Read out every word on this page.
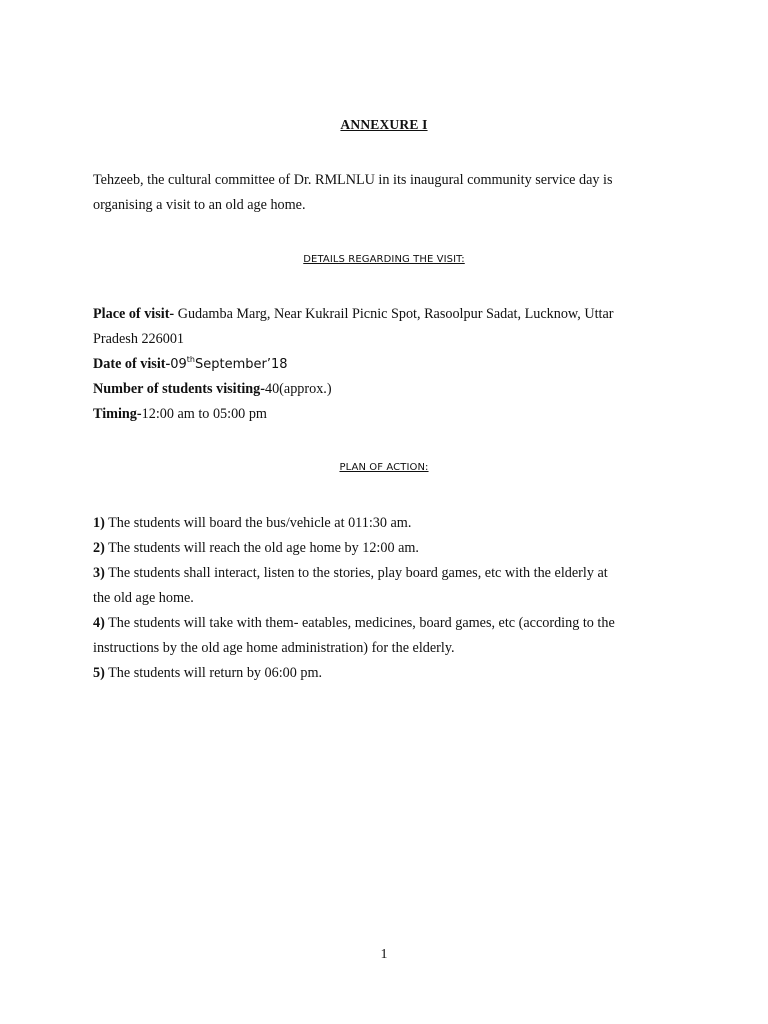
ANNEXURE I
Tehzeeb, the cultural committee of Dr. RMLNLU in its inaugural community service day is
organising a visit to an old age home.
DETAILS REGARDING THE VISIT:
Place of visit- Gudamba Marg, Near Kukrail Picnic Spot, Rasoolpur Sadat, Lucknow, Uttar
Pradesh 226001
Date of visit-09thSeptember’18
Number of students visiting-40(approx.)
Timing-12:00 am to 05:00 pm
PLAN OF ACTION:
1) The students will board the bus/vehicle at 011:30 am.
2) The students will reach the old age home by 12:00 am.
3) The students shall interact, listen to the stories, play board games, etc with the elderly at
the old age home.
4) The students will take with them- eatables, medicines, board games, etc (according to the
instructions by the old age home administration) for the elderly.
5) The students will return by 06:00 pm.
1
